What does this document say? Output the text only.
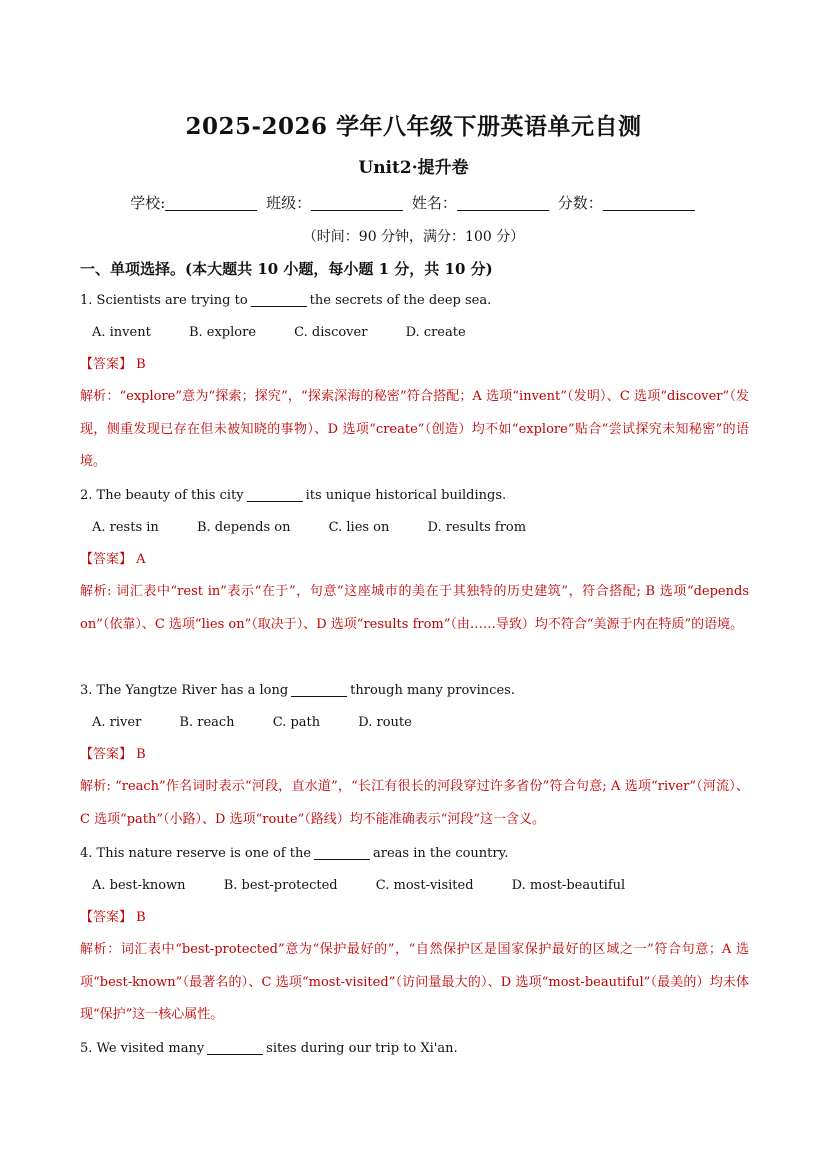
2025-2026 学年八年级下册英语单元自测
Unit2·提升卷
学校:	班级：	姓名：	分数：
（时间：90 分钟，满分：100 分）
一、单项选择。(本大题共 10 小题，每小题 1 分，共 10 分)
1. Scientists are trying to	the secrets of the deep sea.
A. invent	B. explore	C. discover	D. create
【答案】 B
解析：“explore”意为“探索；探究”，“探索深海的秘密”符合搭配；A 选项“invent”（发明）、C 选项“discover”（发现，侧重发现已存在但未被知晓的事物）、D 选项“create”（创造）均不如“explore”贴合“尝试探究未知秘密”的语境。
2. The beauty of this city	its unique historical buildings.
A. rests in	B. depends on	C. lies on	D. results from
【答案】 A
解析: 词汇表中“rest in”表示“在于”，句意“这座城市的美在于其独特的历史建筑”，符合搭配; B 选项“depends on”（依靠）、C 选项“lies on”（取决于）、D 选项“results from”（由……导致）均不符合“美源于内在特质”的语境。
3. The Yangtze River has a long	through many provinces.
A. river	B. reach	C. path	D. route
【答案】 B
解析: “reach”作名词时表示“河段，直水道”，“长江有很长的河段穿过许多省份”符合句意; A 选项“river”（河流）、C 选项“path”（小路）、D 选项“route”（路线）均不能准确表示“河段”这一含义。
4. This nature reserve is one of the	areas in the country.
A. best-known	B. best-protected	C. most-visited	D. most-beautiful
【答案】 B
解析：词汇表中“best-protected”意为“保护最好的”，“自然保护区是国家保护最好的区域之一”符合句意；A 选项“best-known”（最著名的）、C 选项“most-visited”（访问量最大的）、D 选项“most-beautiful”（最美的）均未体现“保护”这一核心属性。
5. We visited many	sites during our trip to Xi'an.
